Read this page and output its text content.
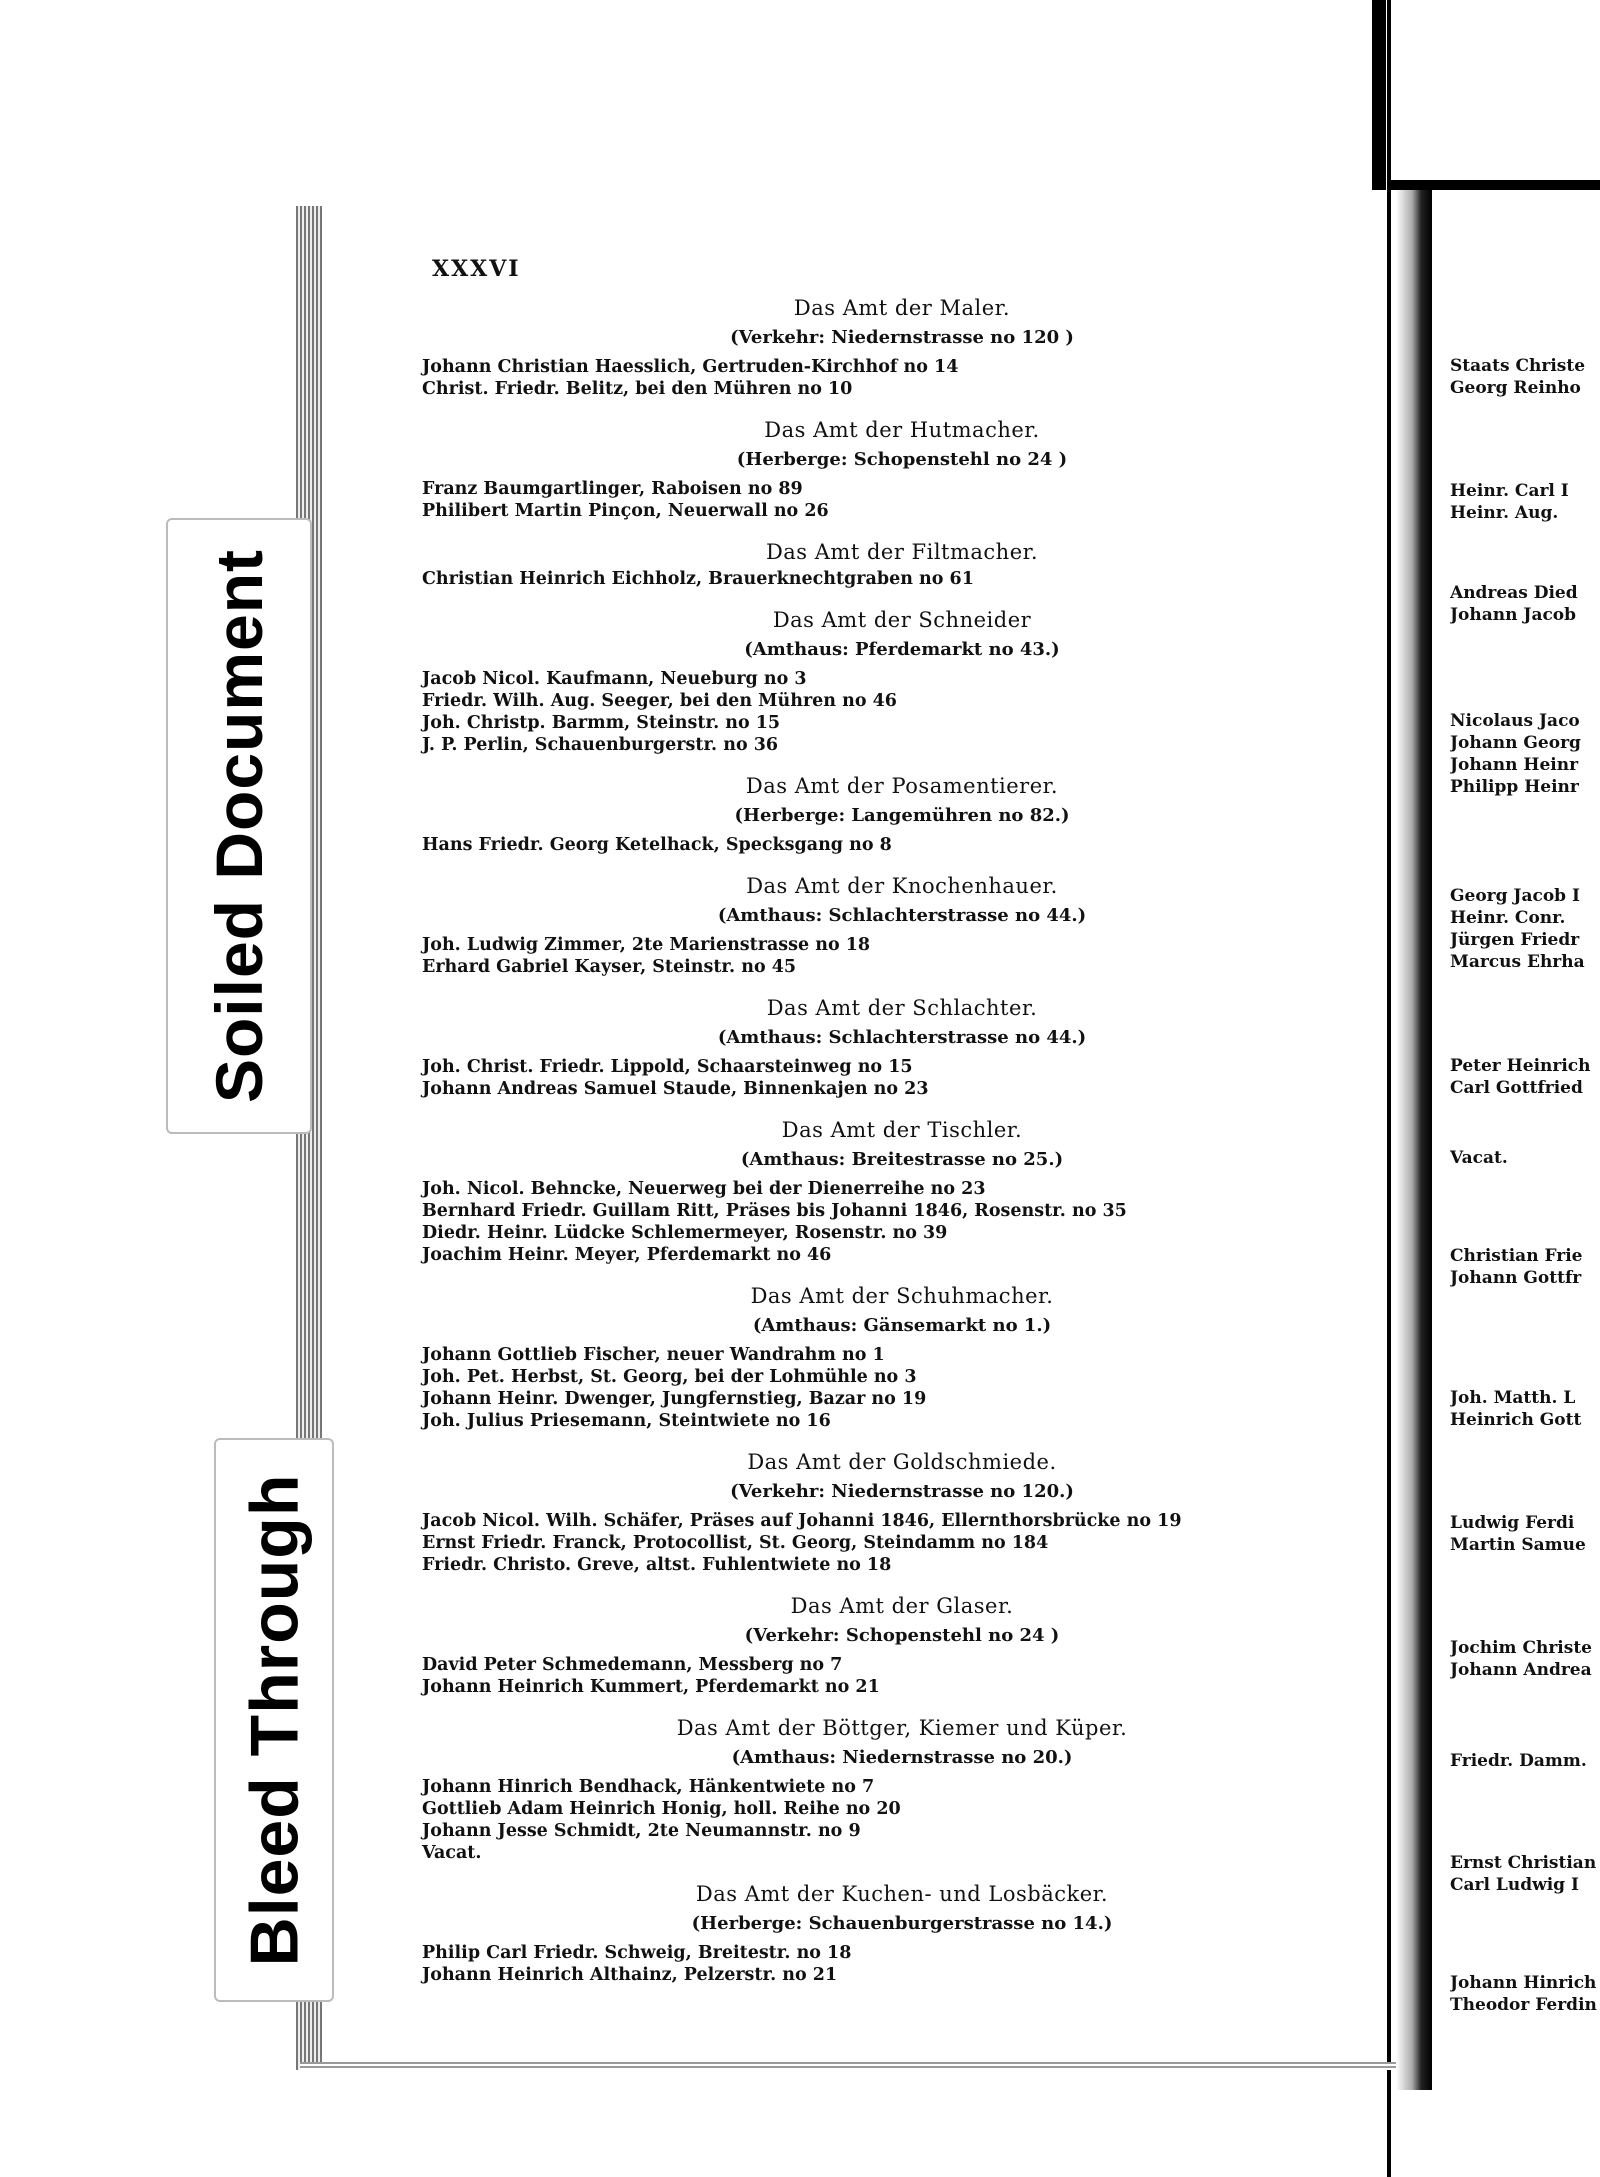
XXXVI
Das Amt der Maler.
(Verkehr: Niedernstrasse no 120 )
Johann Christian Haesslich, Gertruden-Kirchhof no 14
Christ. Friedr. Belitz, bei den Mühren no 10
Das Amt der Hutmacher.
(Herberge: Schopenstehl no 24 )
Franz Baumgartlinger, Raboisen no 89
Philibert Martin Pinçon, Neuerwall no 26
Das Amt der Filtmacher.
Christian Heinrich Eichholz, Brauerknechtgraben no 61
Das Amt der Schneider
(Amthaus: Pferdemarkt no 43.)
Jacob Nicol. Kaufmann, Neueburg no 3
Friedr. Wilh. Aug. Seeger, bei den Mühren no 46
Joh. Christp. Barmm, Steinstr. no 15
J. P. Perlin, Schauenburgerstr. no 36
Das Amt der Posamentierer.
(Herberge: Langemühren no 82.)
Hans Friedr. Georg Ketelhack, Specksgang no 8
Das Amt der Knochenhauer.
(Amthaus: Schlachterstrasse no 44.)
Joh. Ludwig Zimmer, 2te Marienstrasse no 18
Erhard Gabriel Kayser, Steinstr. no 45
Das Amt der Schlachter.
(Amthaus: Schlachterstrasse no 44.)
Joh. Christ. Friedr. Lippold, Schaarsteinweg no 15
Johann Andreas Samuel Staude, Binnenkajen no 23
Das Amt der Tischler.
(Amthaus: Breitestrasse no 25.)
Joh. Nicol. Behncke, Neuerweg bei der Dienerreihe no 23
Bernhard Friedr. Guillam Ritt, Präses bis Johanni 1846, Rosenstr. no 35
Diedr. Heinr. Lüdcke Schlemermeyer, Rosenstr. no 39
Joachim Heinr. Meyer, Pferdemarkt no 46
Das Amt der Schuhmacher.
(Amthaus: Gänsemarkt no 1.)
Johann Gottlieb Fischer, neuer Wandrahm no 1
Joh. Pet. Herbst, St. Georg, bei der Lohmühle no 3
Johann Heinr. Dwenger, Jungfernstieg, Bazar no 19
Joh. Julius Priesemann, Steintwiete no 16
Das Amt der Goldschmiede.
(Verkehr: Niedernstrasse no 120.)
Jacob Nicol. Wilh. Schäfer, Präses auf Johanni 1846, Ellernthorsbrücke no 19
Ernst Friedr. Franck, Protocollist, St. Georg, Steindamm no 184
Friedr. Christo. Greve, altst. Fuhlentwiete no 18
Das Amt der Glaser.
(Verkehr: Schopenstehl no 24 )
David Peter Schmedemann, Messberg no 7
Johann Heinrich Kummert, Pferdemarkt no 21
Das Amt der Böttger, Kiemer und Küper.
(Amthaus: Niedernstrasse no 20.)
Johann Hinrich Bendhack, Hänkentwiete no 7
Gottlieb Adam Heinrich Honig, holl. Reihe no 20
Johann Jesse Schmidt, 2te Neumannstr. no 9
Vacat.
Das Amt der Kuchen- und Losbäcker.
(Herberge: Schauenburgerstrasse no 14.)
Philip Carl Friedr. Schweig, Breitestr. no 18
Johann Heinrich Althainz, Pelzerstr. no 21
Staats Christe
Georg Reinho
Heinr. Carl I
Heinr. Aug.
Andreas Died
Johann Jacob
Nicolaus Jaco
Johann Georg
Johann Heinr
Philipp Heinr
Georg Jacob I
Heinr. Conr.
Jürgen Friedr
Marcus Ehrha
Peter Heinrich
Carl Gottfried
Vacat.
Christian Frie
Johann Gottfr
Joh. Matth. L
Heinrich Gott
Ludwig Ferdi
Martin Samue
Jochim Christe
Johann Andrea
Friedr. Damm.
Ernst Christian
Carl Ludwig I
Johann Hinrich
Theodor Ferdin
Soiled Document
Bleed Through
